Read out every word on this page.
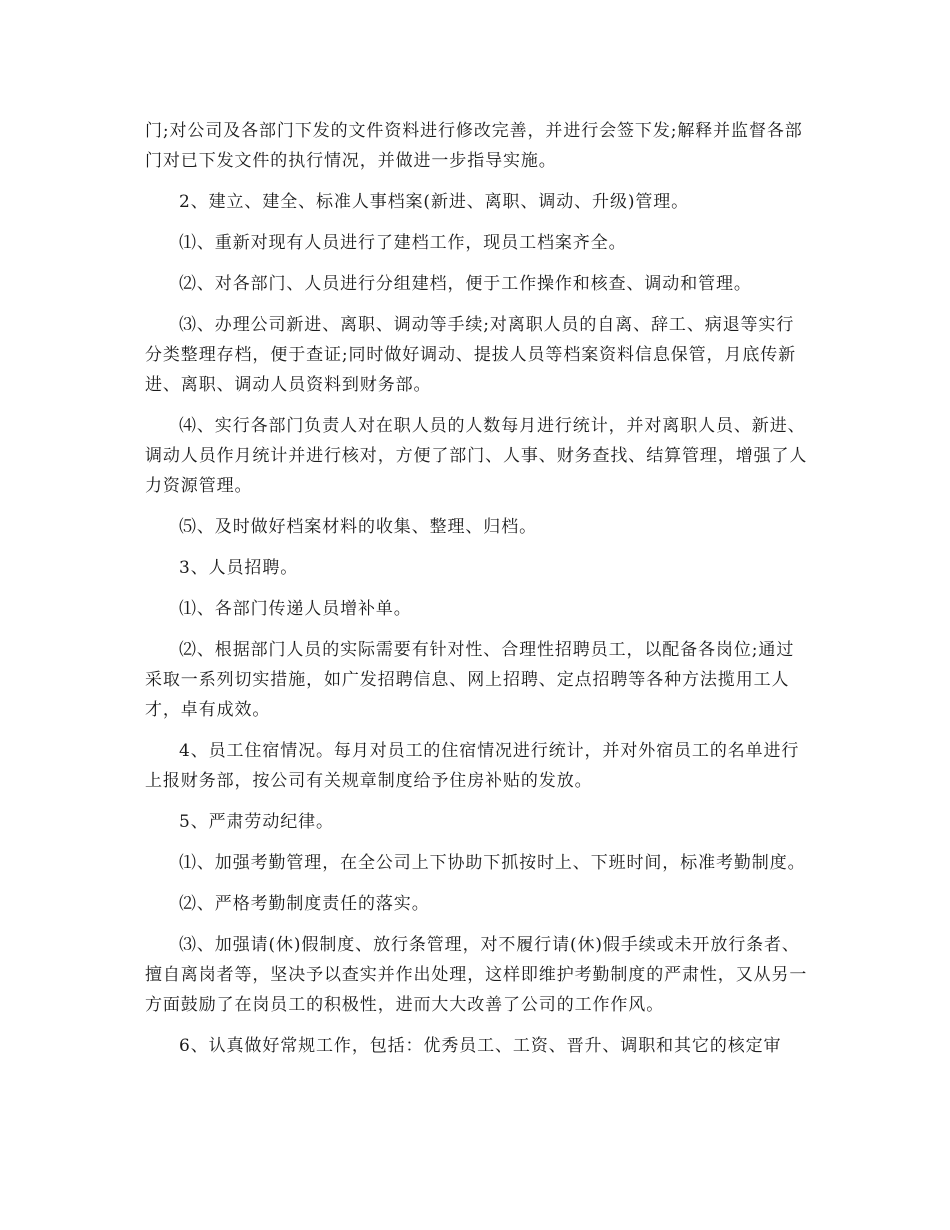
门;对公司及各部门下发的文件资料进行修改完善，并进行会签下发;解释并监督各部门对已下发文件的执行情况，并做进一步指导实施。

2、建立、建全、标准人事档案(新进、离职、调动、升级)管理。

⑴、重新对现有人员进行了建档工作，现员工档案齐全。

⑵、对各部门、人员进行分组建档，便于工作操作和核查、调动和管理。

⑶、办理公司新进、离职、调动等手续;对离职人员的自离、辞工、病退等实行分类整理存档，便于查证;同时做好调动、提拔人员等档案资料信息保管，月底传新进、离职、调动人员资料到财务部。

⑷、实行各部门负责人对在职人员的人数每月进行统计，并对离职人员、新进、调动人员作月统计并进行核对，方便了部门、人事、财务查找、结算管理，增强了人力资源管理。

⑸、及时做好档案材料的收集、整理、归档。

3、人员招聘。

⑴、各部门传递人员增补单。

⑵、根据部门人员的实际需要有针对性、合理性招聘员工，以配备各岗位;通过采取一系列切实措施，如广发招聘信息、网上招聘、定点招聘等各种方法揽用工人才，卓有成效。

4、员工住宿情况。每月对员工的住宿情况进行统计，并对外宿员工的名单进行上报财务部，按公司有关规章制度给予住房补贴的发放。

5、严肃劳动纪律。

⑴、加强考勤管理，在全公司上下协助下抓按时上、下班时间，标准考勤制度。

⑵、严格考勤制度责任的落实。

⑶、加强请(休)假制度、放行条管理，对不履行请(休)假手续或未开放行条者、擅自离岗者等，坚决予以查实并作出处理，这样即维护考勤制度的严肃性，又从另一方面鼓励了在岗员工的积极性，进而大大改善了公司的工作作风。

6、认真做好常规工作，包括：优秀员工、工资、晋升、调职和其它的核定审
